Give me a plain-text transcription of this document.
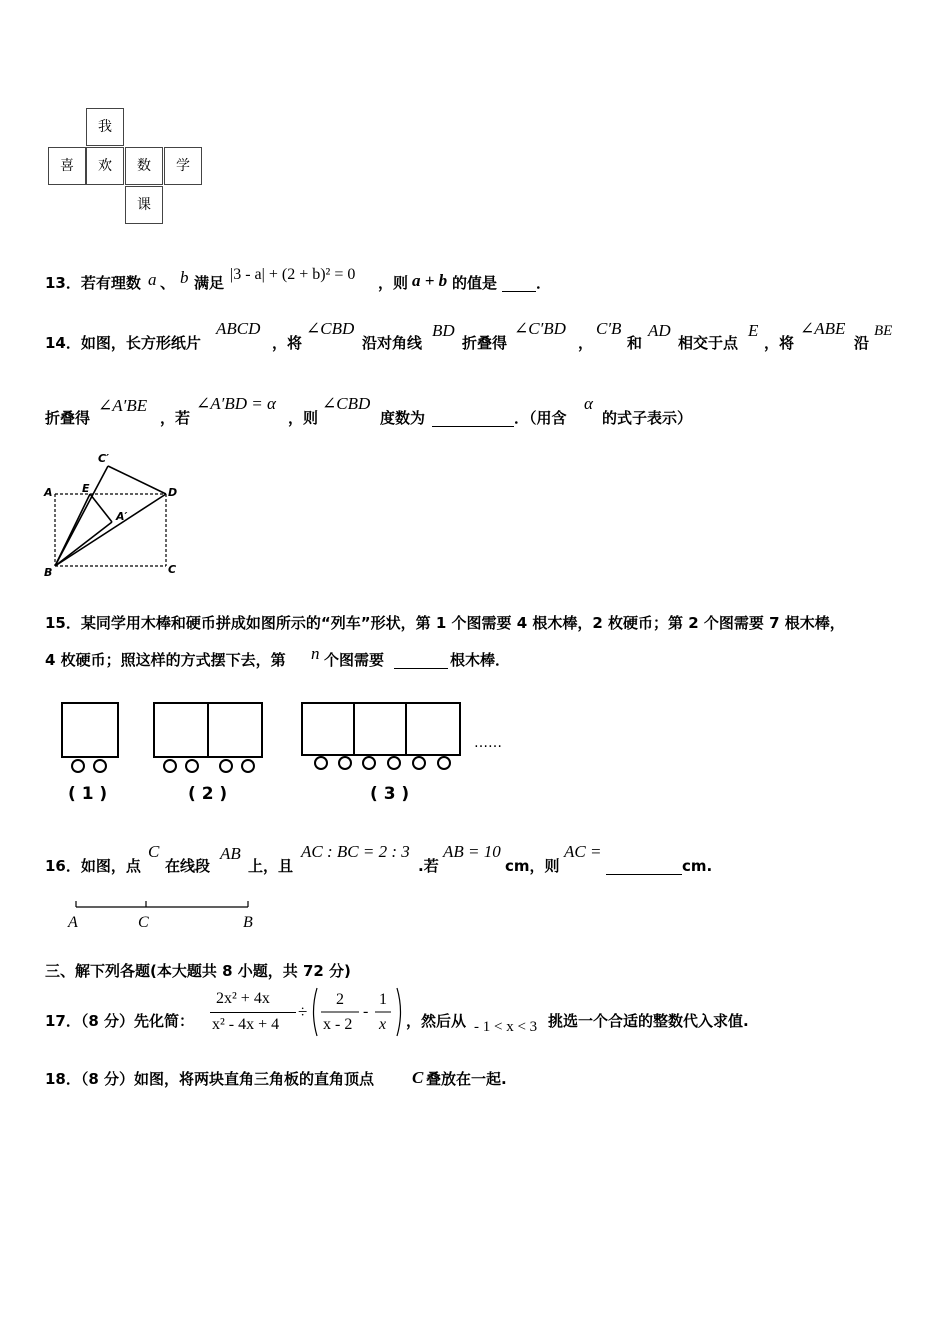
我
喜	欢	数	学
课
13．若有理数 a 、 b 满足 |3 - a| + (2 + b)² = 0 ，则 a + b 的值是	．
14．如图，长方形纸片
ABCD
，将
∠CBD
沿对角线
BD
折叠得
∠C′BD
，
C′B
和
AD
相交于点
E
，将
∠ABE
沿
BE
折叠得
∠A′BE
，若
∠A′BD = α
，则
∠CBD
度数为	．（用含
α
的式子表示）
C′
A	E	D
A′
B	C
15．某同学用木棒和硬币拼成如图所示的“列车”形状，第 1 个图需要 4 根木棒，2 枚硬币；第 2 个图需要 7 根木棒，
4 枚硬币；照这样的方式摆下去，第 n 个图需要	根木棒．
( 1 )	( 2 )	( 3 )
……
16．如图，点
C
在线段
AB
上，且
AC : BC = 2 : 3
.若
AB = 10
cm，则
AC =
cm.
A	C	B
三、解下列各题(本大题共 8 小题，共 72 分)
17．（8 分）先化简：
2x² + 4x
x² - 4x + 4
÷
2
x - 2
-
1
x ，然后从 - 1 < x < 3 挑选一个合适的整数代入求值.
18．（8 分）如图，将两块直角三角板的直角顶点 C 叠放在一起.
